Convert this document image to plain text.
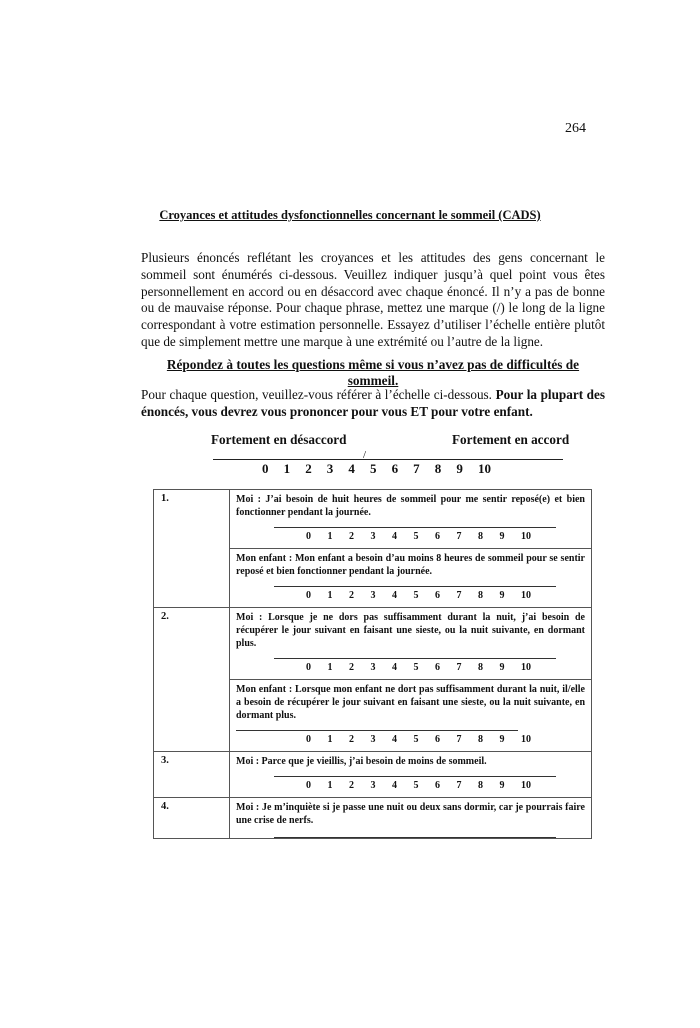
264
Croyances et attitudes dysfonctionnelles concernant le sommeil (CADS)
Plusieurs énoncés reflétant les croyances et les attitudes des gens concernant le sommeil sont énumérés ci-dessous. Veuillez indiquer jusqu’à quel point vous êtes personnellement en accord ou en désaccord avec chaque énoncé. Il n’y a pas de bonne ou de mauvaise réponse. Pour chaque phrase, mettez une marque (/) le long de la ligne correspondant à votre estimation personnelle. Essayez d’utiliser l’échelle entière plutôt que de simplement mettre une marque à une extrémité ou l’autre de la ligne.
Répondez à toutes les questions même si vous n’avez pas de difficultés de sommeil.
Pour chaque question, veuillez-vous référer à l’échelle ci-dessous. Pour la plupart des énoncés, vous devrez vous prononcer pour vous ET pour votre enfant.
Fortement en désaccord	Fortement en accord
/
0	1	2	3	4	5	6	7	8	9	10
1.	Moi : J’ai besoin de huit heures de sommeil pour me sentir reposé(e) et bien fonctionner pendant la journée.
0	1	2	3	4	5	6	7	8	9	10

Mon enfant : Mon enfant a besoin d’au moins 8 heures de sommeil pour se sentir reposé et bien fonctionner pendant la journée.
0	1	2	3	4	5	6	7	8	9	10

2.	Moi : Lorsque je ne dors pas suffisamment durant la nuit, j’ai besoin de récupérer le jour suivant en faisant une sieste, ou la nuit suivante, en dormant plus.
0	1	2	3	4	5	6	7	8	9	10

Mon enfant : Lorsque mon enfant ne dort pas suffisamment durant la nuit, il/elle a besoin de récupérer le jour suivant en faisant une sieste, ou la nuit suivante, en dormant plus.
0	1	2	3	4	5	6	7	8	9	10

3.	Moi : Parce que je vieillis, j’ai besoin de moins de sommeil.
0	1	2	3	4	5	6	7	8	9	10

4.	Moi : Je m’inquiète si je passe une nuit ou deux sans dormir, car je pourrais faire une crise de nerfs.
